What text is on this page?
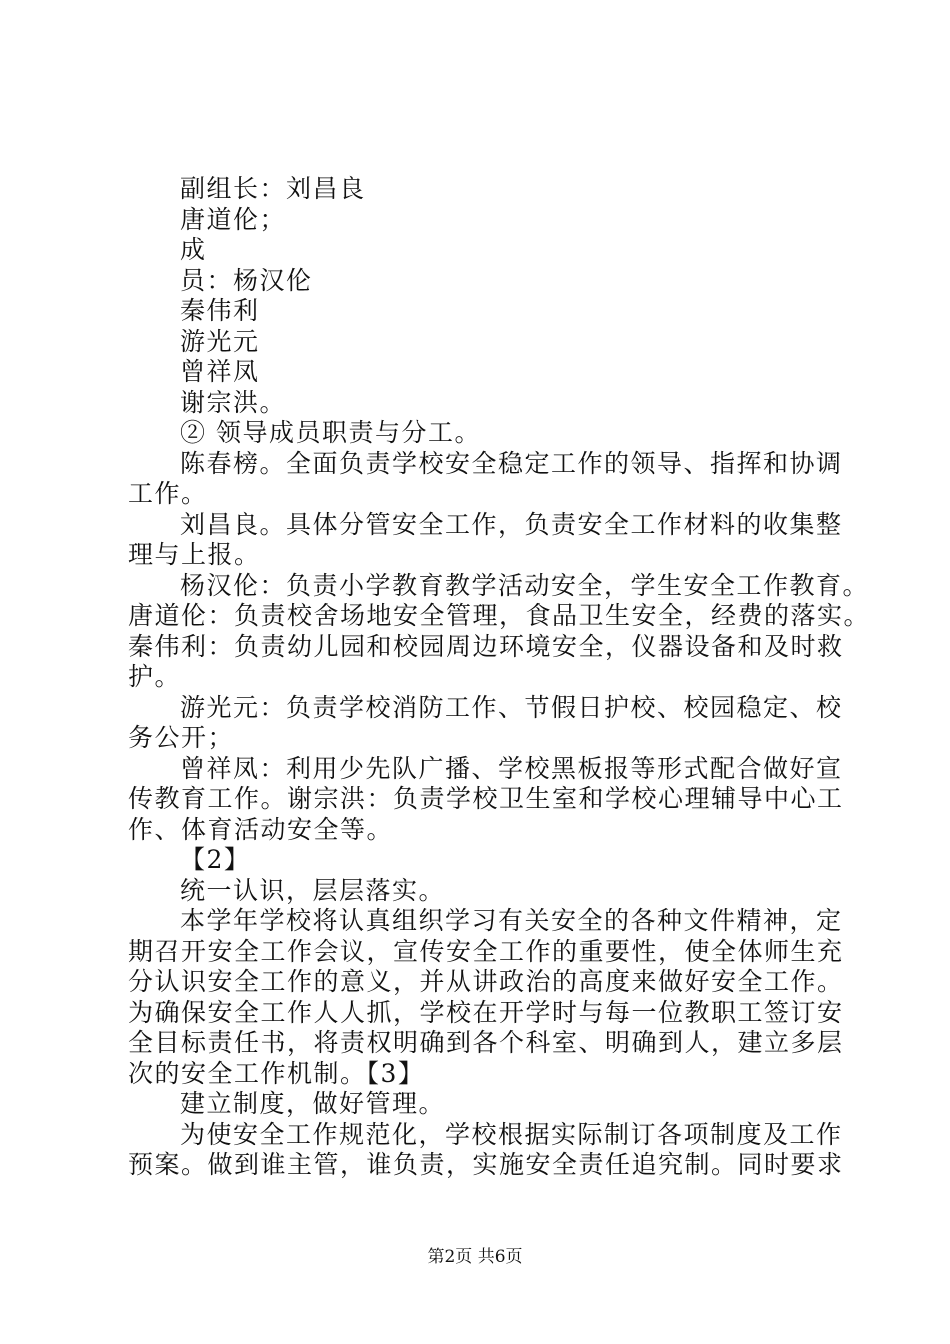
副组长：刘昌良

唐道伦；

成

员：杨汉伦

秦伟利

游光元

曾祥凤

谢宗洪。

② 领导成员职责与分工。

陈春榜。全面负责学校安全稳定工作的领导、指挥和协调

工作。

刘昌良。具体分管安全工作，负责安全工作材料的收集整

理与上报。

杨汉伦：负责小学教育教学活动安全，学生安全工作教育。

唐道伦：负责校舍场地安全管理，食品卫生安全，经费的落实。

秦伟利：负责幼儿园和校园周边环境安全，仪器设备和及时救

护。

游光元：负责学校消防工作、节假日护校、校园稳定、校

务公开；

曾祥凤：利用少先队广播、学校黑板报等形式配合做好宣

传教育工作。谢宗洪：负责学校卫生室和学校心理辅导中心工

作、体育活动安全等。

【2】

统一认识，层层落实。

本学年学校将认真组织学习有关安全的各种文件精神，定

期召开安全工作会议，宣传安全工作的重要性，使全体师生充

分认识安全工作的意义，并从讲政治的高度来做好安全工作。

为确保安全工作人人抓，学校在开学时与每一位教职工签订安

全目标责任书，将责权明确到各个科室、明确到人，建立多层

次的安全工作机制。【3】

建立制度，做好管理。

为使安全工作规范化，学校根据实际制订各项制度及工作

预案。做到谁主管，谁负责，实施安全责任追究制。同时要求

第2页 共6页
